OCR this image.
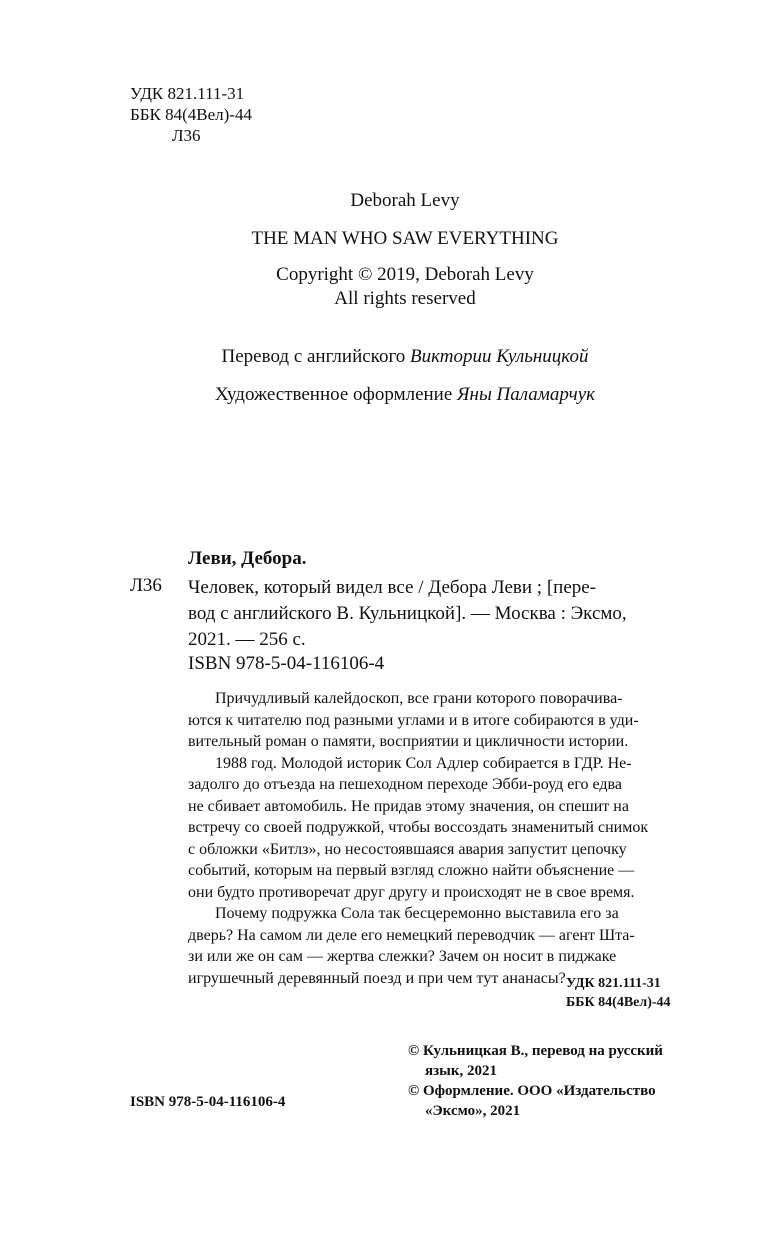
УДК 821.111-31
ББК 84(4Вел)-44
Л36
Deborah Levy
THE MAN WHO SAW EVERYTHING
Copyright © 2019, Deborah Levy
All rights reserved
Перевод с английского Виктории Кульницкой
Художественное оформление Яны Паламарчук
Леви, Дебора.
Л36 Человек, который видел все / Дебора Леви ; [пере-
вод с английского В. Кульницкой]. — Москва : Эксмо,
2021. — 256 с.
ISBN 978-5-04-116106-4
Причудливый калейдоскоп, все грани которого поворачива-
ются к читателю под разными углами и в итоге собираются в уди-
вительный роман о памяти, восприятии и цикличности истории.
1988 год. Молодой историк Сол Адлер собирается в ГДР. Не-
задолго до отъезда на пешеходном переходе Эбби-роуд его едва
не сбивает автомобиль. Не придав этому значения, он спешит на
встречу со своей подружкой, чтобы воссоздать знаменитый снимок
с обложки «Битлз», но несостоявшаяся авария запустит цепочку
событий, которым на первый взгляд сложно найти объяснение —
они будто противоречат друг другу и происходят не в свое время.
Почему подружка Сола так бесцеремонно выставила его за
дверь? На самом ли деле его немецкий переводчик — агент Шта-
зи или же он сам — жертва слежки? Зачем он носит в пиджаке
игрушечный деревянный поезд и при чем тут ананасы? УДК 821.111-31
ББК 84(4Вел)-44
© Кульницкая В., перевод на русский
язык, 2021
© Оформление. ООО «Издательство
«Эксмо», 2021
ISBN 978-5-04-116106-4
